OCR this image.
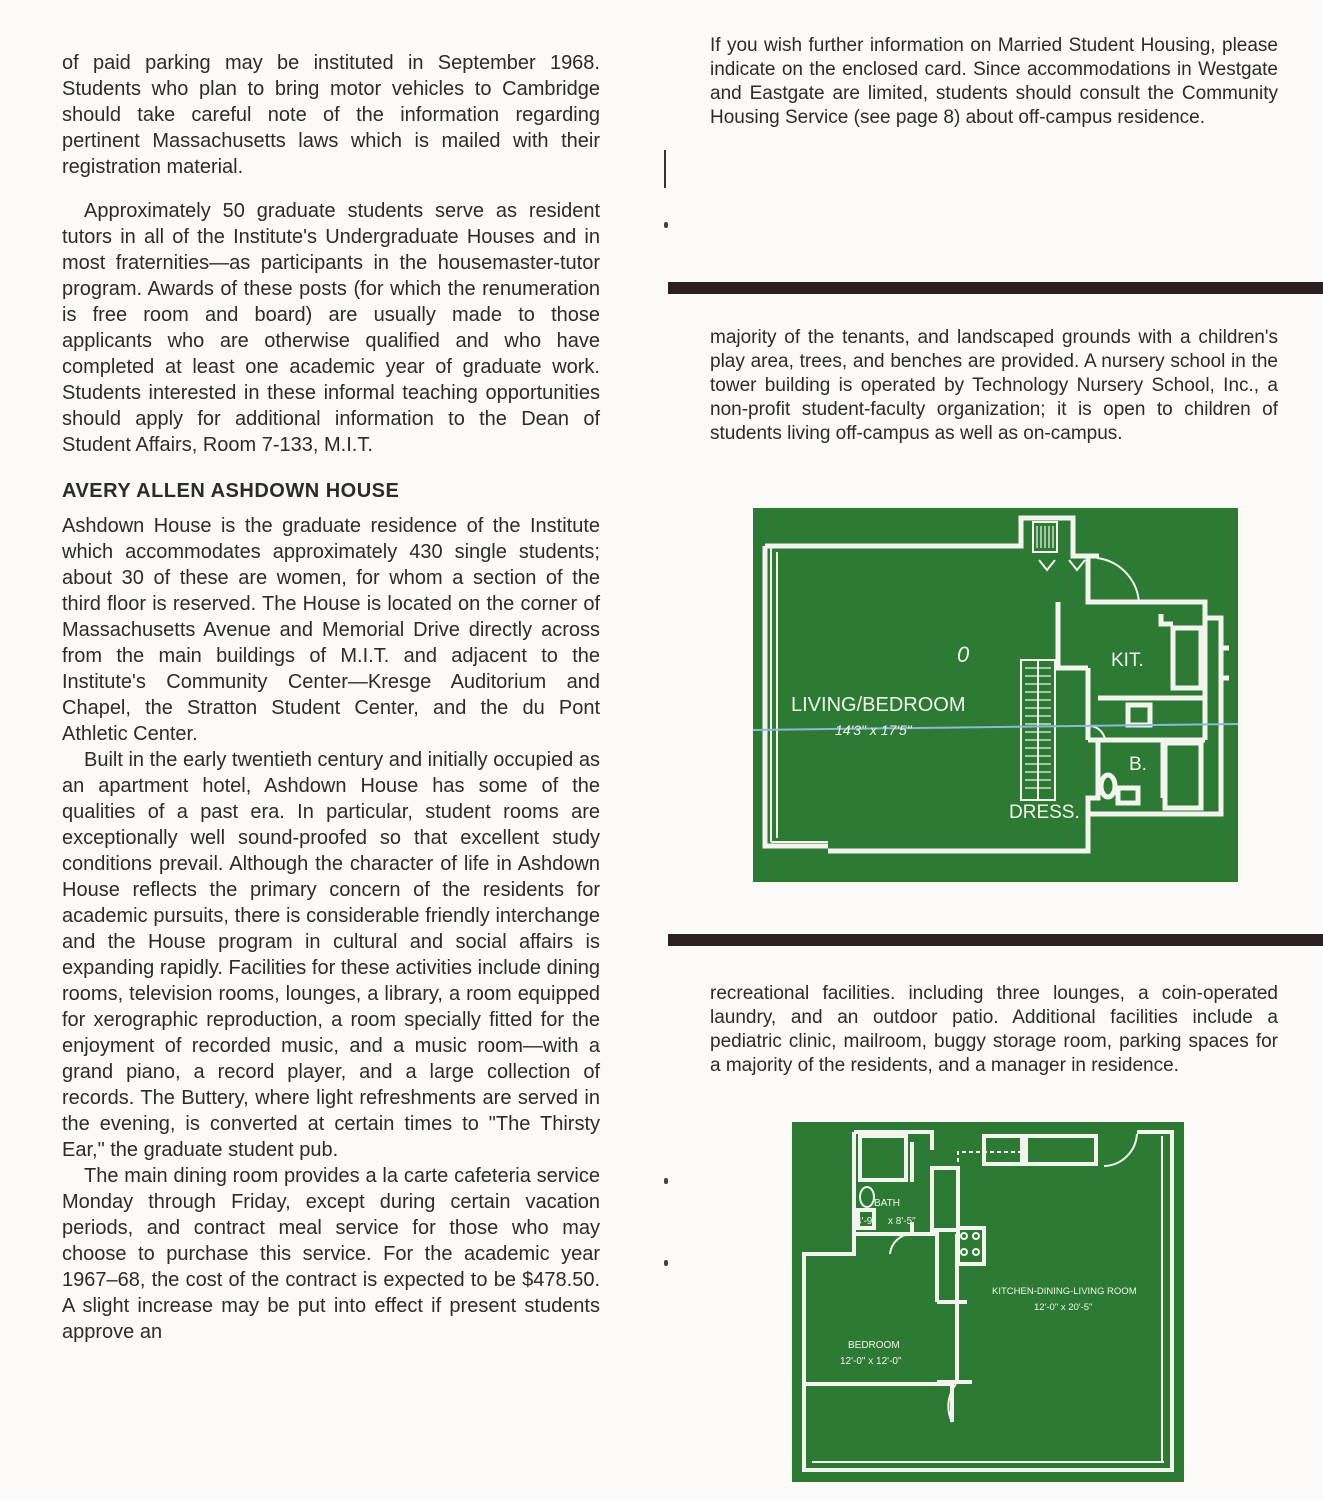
of paid parking may be instituted in September 1968. Students who plan to bring motor vehicles to Cambridge should take careful note of the information regarding pertinent Massachusetts laws which is mailed with their registration material.

Approximately 50 graduate students serve as resident tutors in all of the Institute's Undergraduate Houses and in most fraternities—as participants in the housemaster-tutor program. Awards of these posts (for which the renumeration is free room and board) are usually made to those applicants who are otherwise qualified and who have completed at least one academic year of graduate work. Students interested in these informal teaching opportunities should apply for additional information to the Dean of Student Affairs, Room 7-133, M.I.T.

AVERY ALLEN ASHDOWN HOUSE

Ashdown House is the graduate residence of the Institute which accommodates approximately 430 single students; about 30 of these are women, for whom a section of the third floor is reserved. The House is located on the corner of Massachusetts Avenue and Memorial Drive directly across from the main buildings of M.I.T. and adjacent to the Institute's Community Center—Kresge Auditorium and Chapel, the Stratton Student Center, and the du Pont Athletic Center.

Built in the early twentieth century and initially occupied as an apartment hotel, Ashdown House has some of the qualities of a past era. In particular, student rooms are exceptionally well sound-proofed so that excellent study conditions prevail. Although the character of life in Ashdown House reflects the primary concern of the residents for academic pursuits, there is considerable friendly interchange and the House program in cultural and social affairs is expanding rapidly. Facilities for these activities include dining rooms, television rooms, lounges, a library, a room equipped for xerographic reproduction, a room specially fitted for the enjoyment of recorded music, and a music room—with a grand piano, a record player, and a large collection of records. The Buttery, where light refreshments are served in the evening, is converted at certain times to "The Thirsty Ear," the graduate student pub.

The main dining room provides a la carte cafeteria service Monday through Friday, except during certain vacation periods, and contract meal service for those who may choose to purchase this service. For the academic year 1967–68, the cost of the contract is expected to be $478.50. A slight increase may be put into effect if present students approve an

If you wish further information on Married Student Housing, please indicate on the enclosed card. Since accommodations in Westgate and Eastgate are limited, students should consult the Community Housing Service (see page 8) about off-campus residence.

majority of the tenants, and landscaped grounds with a children's play area, trees, and benches are provided. A nursery school in the tower building is operated by Technology Nursery School, Inc., a non-profit student-faculty organization; it is open to children of students living off-campus as well as on-campus.

LIVING/BEDROOM
14'3" x 17'5"
KIT.
B.
DRESS.
0

recreational facilities. including three lounges, a coin-operated laundry, and an outdoor patio. Additional facilities include a pediatric clinic, mailroom, buggy storage room, parking spaces for a majority of the residents, and a manager in residence.

BATH
4'-9 x 8'-5"
KITCHEN-DINING-LIVING ROOM
12'-0" x 20'-5"
BEDROOM
12'-0" x 12'-0"
